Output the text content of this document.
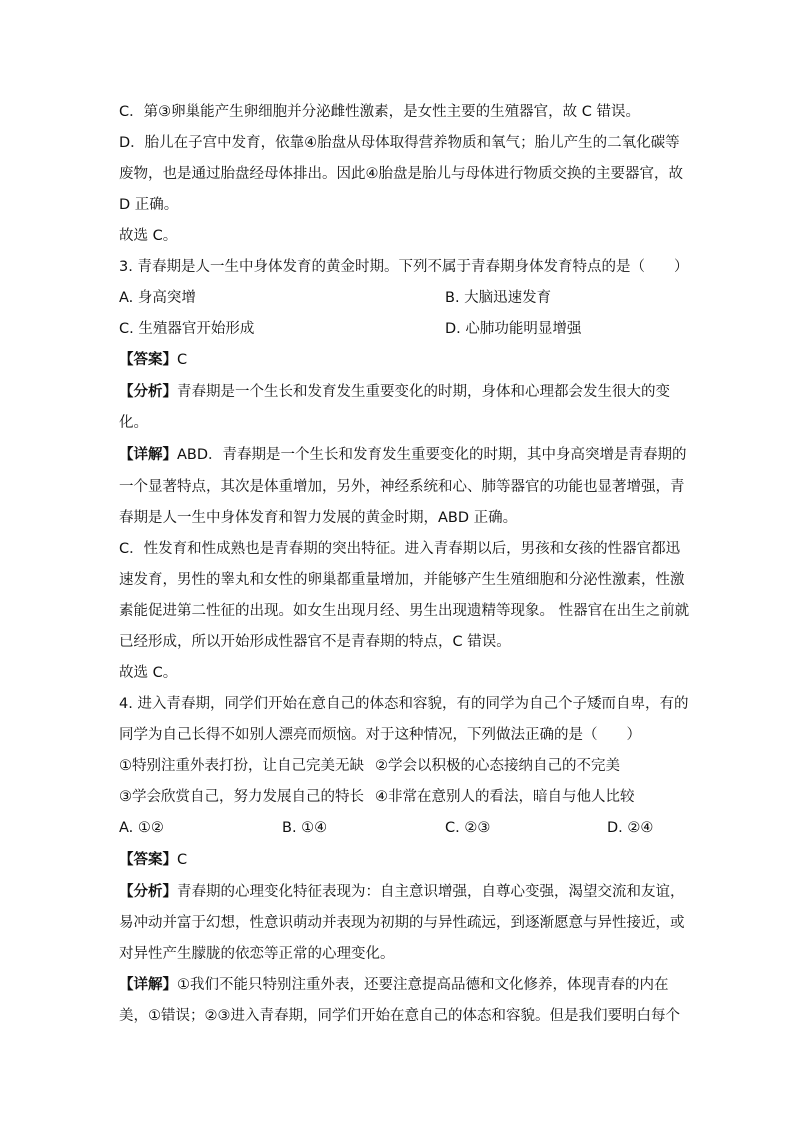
C．第③卵巢能产生卵细胞并分泌雌性激素，是女性主要的生殖器官，故 C 错误。
D．胎儿在子宫中发育，依靠④胎盘从母体取得营养物质和氧气；胎儿产生的二氧化碳等
废物，也是通过胎盘经母体排出。因此④胎盘是胎儿与母体进行物质交换的主要器官，故
D 正确。
故选 C。
3. 青春期是人一生中身体发育的黄金时期。下列不属于青春期身体发育特点的是（　　）
A. 身高突增	B. 大脑迅速发育
C. 生殖器官开始形成	D. 心肺功能明显增强
【答案】C
【分析】青春期是一个生长和发育发生重要变化的时期，身体和心理都会发生很大的变
化。
【详解】ABD．青春期是一个生长和发育发生重要变化的时期，其中身高突增是青春期的
一个显著特点，其次是体重增加，另外，神经系统和心、肺等器官的功能也显著增强，青
春期是人一生中身体发育和智力发展的黄金时期，ABD 正确。
C．性发育和性成熟也是青春期的突出特征。进入青春期以后，男孩和女孩的性器官都迅
速发育，男性的睾丸和女性的卵巢都重量增加，并能够产生生殖细胞和分泌性激素，性激
素能促进第二性征的出现。如女生出现月经、男生出现遗精等现象。 性器官在出生之前就
已经形成，所以开始形成性器官不是青春期的特点，C 错误。
故选 C。
4. 进入青春期，同学们开始在意自己的体态和容貌，有的同学为自己个子矮而自卑，有的
同学为自己长得不如别人漂亮而烦恼。对于这种情况，下列做法正确的是（　　）
①特别注重外表打扮，让自己完美无缺 ②学会以积极的心态接纳自己的不完美
③学会欣赏自己，努力发展自己的特长 ④非常在意别人的看法，暗自与他人比较
A. ①②	B. ①④	C. ②③	D. ②④
【答案】C
【分析】青春期的心理变化特征表现为：自主意识增强，自尊心变强，渴望交流和友谊，
易冲动并富于幻想，性意识萌动并表现为初期的与异性疏远，到逐渐愿意与异性接近，或
对异性产生朦胧的依恋等正常的心理变化。
【详解】①我们不能只特别注重外表，还要注意提高品德和文化修养，体现青春的内在
美，①错误；②③进入青春期，同学们开始在意自己的体态和容貌。但是我们要明白每个
